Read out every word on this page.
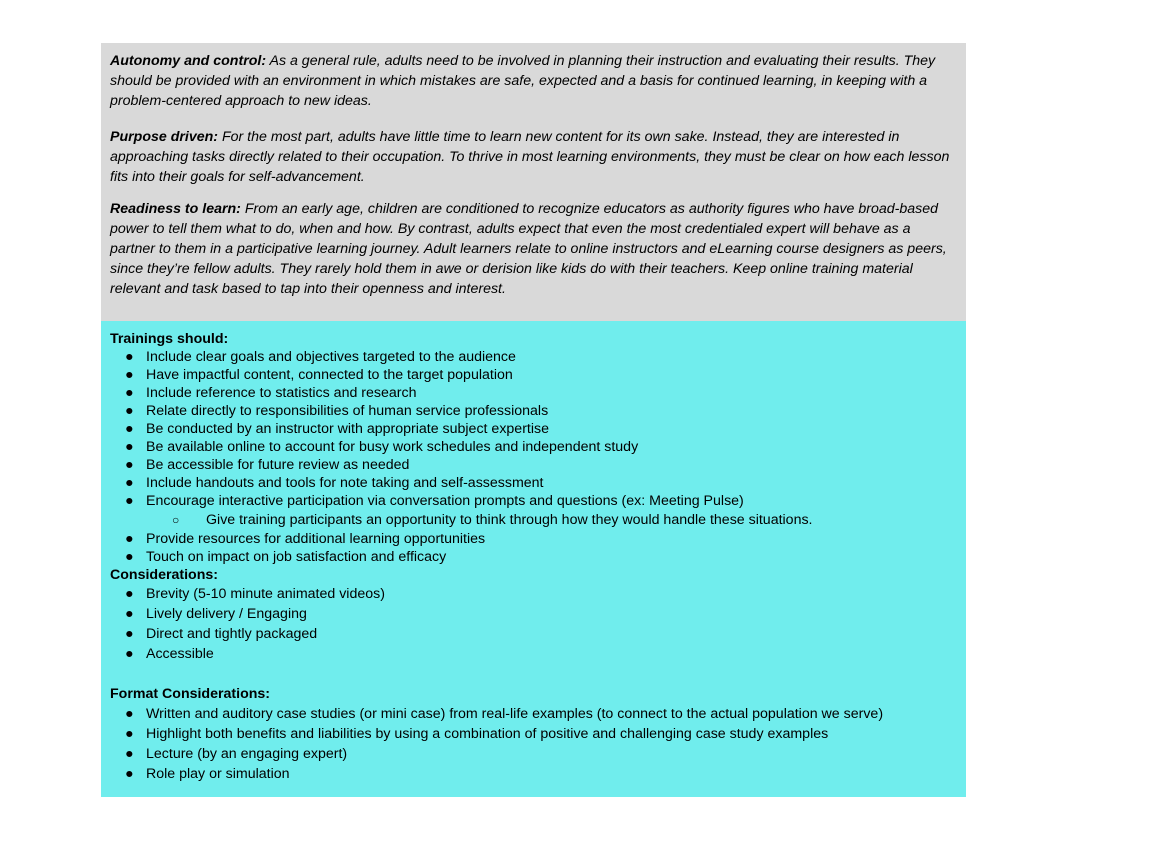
Autonomy and control: As a general rule, adults need to be involved in planning their instruction and evaluating their results. They should be provided with an environment in which mistakes are safe, expected and a basis for continued learning, in keeping with a problem-centered approach to new ideas.

Purpose driven: For the most part, adults have little time to learn new content for its own sake. Instead, they are interested in approaching tasks directly related to their occupation. To thrive in most learning environments, they must be clear on how each lesson fits into their goals for self-advancement.

Readiness to learn: From an early age, children are conditioned to recognize educators as authority figures who have broad-based power to tell them what to do, when and how. By contrast, adults expect that even the most credentialed expert will behave as a partner to them in a participative learning journey. Adult learners relate to online instructors and eLearning course designers as peers, since they’re fellow adults. They rarely hold them in awe or derision like kids do with their teachers. Keep online training material relevant and task based to tap into their openness and interest.

Trainings should:
● Include clear goals and objectives targeted to the audience
● Have impactful content, connected to the target population
● Include reference to statistics and research
● Relate directly to responsibilities of human service professionals
● Be conducted by an instructor with appropriate subject expertise
● Be available online to account for busy work schedules and independent study
● Be accessible for future review as needed
● Include handouts and tools for note taking and self-assessment
● Encourage interactive participation via conversation prompts and questions (ex: Meeting Pulse)
○ Give training participants an opportunity to think through how they would handle these situations.
● Provide resources for additional learning opportunities
● Touch on impact on job satisfaction and efficacy
Considerations:
● Brevity (5-10 minute animated videos)
● Lively delivery / Engaging
● Direct and tightly packaged
● Accessible
Format Considerations:
● Written and auditory case studies (or mini case) from real-life examples (to connect to the actual population we serve)
● Highlight both benefits and liabilities by using a combination of positive and challenging case study examples
● Lecture (by an engaging expert)
● Role play or simulation
